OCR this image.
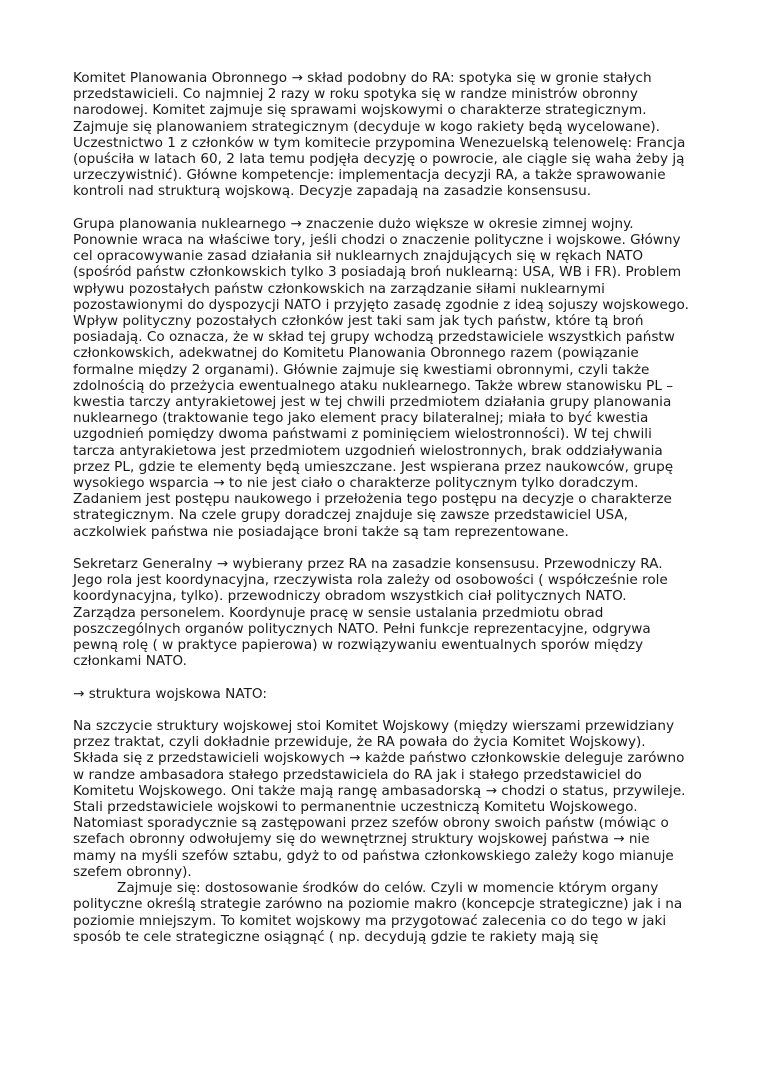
Komitet Planowania Obronnego → skład podobny do RA: spotyka się w gronie stałych przedstawicieli. Co najmniej 2 razy w roku spotyka się w randze ministrów obronny narodowej. Komitet zajmuje się sprawami wojskowymi o charakterze strategicznym. Zajmuje się planowaniem strategicznym (decyduje w kogo rakiety będą wycelowane). Uczestnictwo 1 z członków w tym komitecie przypomina Wenezuelską telenowelę: Francja (opuściła w latach 60, 2 lata temu podjęła decyzję o powrocie, ale ciągle się waha żeby ją urzeczywistnić). Główne kompetencje: implementacja decyzji RA, a także sprawowanie kontroli nad strukturą wojskową. Decyzje zapadają na zasadzie konsensusu.

Grupa planowania nuklearnego → znaczenie dużo większe w okresie zimnej wojny. Ponownie wraca na właściwe tory, jeśli chodzi o znaczenie polityczne i wojskowe. Główny cel opracowywanie zasad działania sił nuklearnych znajdujących się w rękach NATO (spośród państw członkowskich tylko 3 posiadają broń nuklearną: USA, WB i FR). Problem wpływu pozostałych państw członkowskich na zarządzanie siłami nuklearnymi pozostawionymi do dyspozycji NATO i przyjęto zasadę zgodnie z ideą sojuszy wojskowego. Wpływ polityczny pozostałych członków jest taki sam jak tych państw, które tą broń posiadają. Co oznacza, że w skład tej grupy wchodzą przedstawiciele wszystkich państw członkowskich, adekwatnej do Komitetu Planowania Obronnego razem (powiązanie formalne między 2 organami). Głównie zajmuje się kwestiami obronnymi, czyli także zdolnością do przeżycia ewentualnego ataku nuklearnego. Także wbrew stanowisku PL – kwestia tarczy antyrakietowej jest w tej chwili przedmiotem działania grupy planowania nuklearnego (traktowanie tego jako element pracy bilateralnej; miała to być kwestia uzgodnień pomiędzy dwoma państwami z pominięciem wielostronności). W tej chwili tarcza antyrakietowa jest przedmiotem uzgodnień wielostronnych, brak oddziaływania przez PL, gdzie te elementy będą umieszczane. Jest wspierana przez naukowców, grupę wysokiego wsparcia → to nie jest ciało o charakterze politycznym tylko doradczym. Zadaniem jest postępu naukowego i przełożenia tego postępu na decyzje o charakterze strategicznym. Na czele grupy doradczej znajduje się zawsze przedstawiciel USA, aczkolwiek państwa nie posiadające broni także są tam reprezentowane.

Sekretarz Generalny → wybierany przez RA na zasadzie konsensusu. Przewodniczy RA. Jego rola jest koordynacyjna, rzeczywista rola zależy od osobowości ( współcześnie role koordynacyjna, tylko). przewodniczy obradom wszystkich ciał politycznych NATO. Zarządza personelem. Koordynuje pracę w sensie ustalania przedmiotu obrad poszczególnych organów politycznych NATO. Pełni funkcje reprezentacyjne, odgrywa pewną rolę ( w praktyce papierowa) w rozwiązywaniu ewentualnych sporów między członkami NATO.

→ struktura wojskowa NATO:

Na szczycie struktury wojskowej stoi Komitet Wojskowy (między wierszami przewidziany przez traktat, czyli dokładnie przewiduje, że RA powała do życia Komitet Wojskowy). Składa się z przedstawicieli wojskowych → każde państwo członkowskie deleguje zarówno w randze ambasadora stałego przedstawiciela do RA jak i stałego przedstawiciel do Komitetu Wojskowego. Oni także mają rangę ambasadorską → chodzi o status, przywileje. Stali przedstawiciele wojskowi to permanentnie uczestniczą Komitetu Wojskowego. Natomiast sporadycznie są zastępowani przez szefów obrony swoich państw (mówiąc o szefach obronny odwołujemy się do wewnętrznej struktury wojskowej państwa → nie mamy na myśli szefów sztabu, gdyż to od państwa członkowskiego zależy kogo mianuje szefem obronny).

Zajmuje się: dostosowanie środków do celów. Czyli w momencie którym organy polityczne określą strategie zarówno na poziomie makro (koncepcje strategiczne) jak i na poziomie mniejszym. To komitet wojskowy ma przygotować zalecenia co do tego w jaki sposób te cele strategiczne osiągnąć ( np. decydują gdzie te rakiety mają się
